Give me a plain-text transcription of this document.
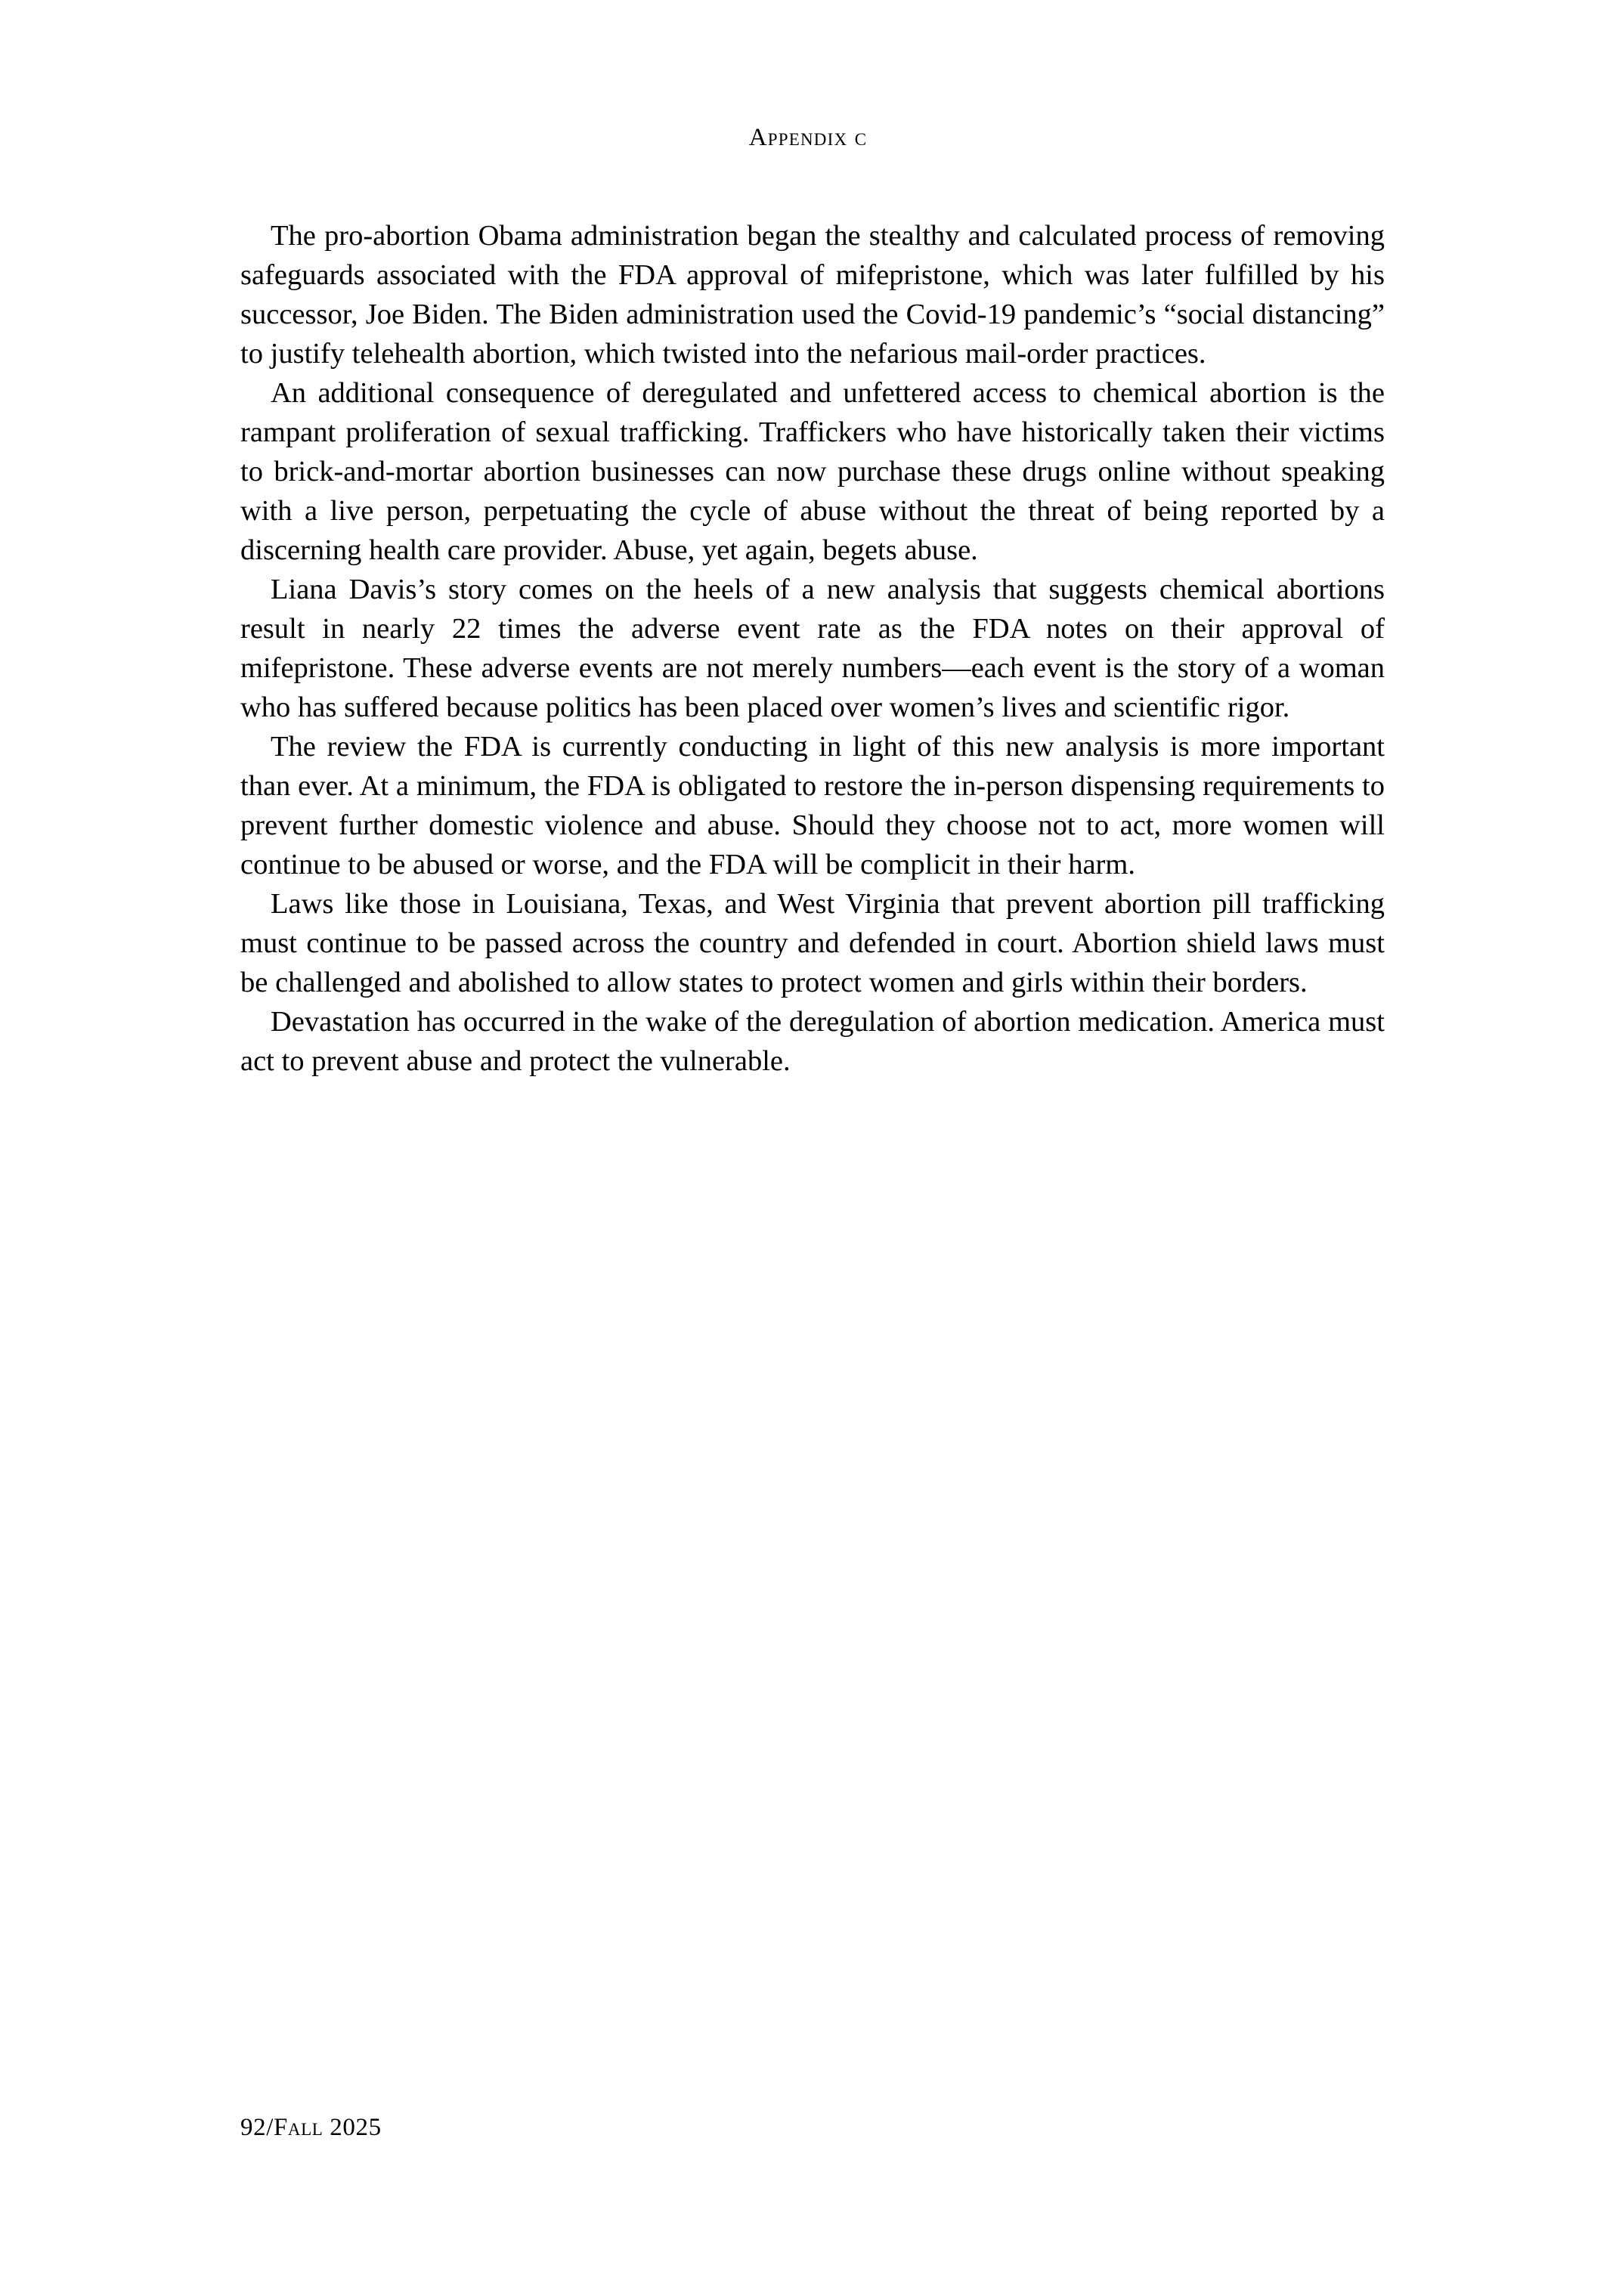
Appendix c

The pro-abortion Obama administration began the stealthy and calculated process of removing safeguards associated with the FDA approval of mifepristone, which was later fulfilled by his successor, Joe Biden. The Biden administration used the Covid-19 pandemic’s “social distancing” to justify telehealth abortion, which twisted into the nefarious mail-order practices.

An additional consequence of deregulated and unfettered access to chemical abortion is the rampant proliferation of sexual trafficking. Traffickers who have historically taken their victims to brick-and-mortar abortion businesses can now purchase these drugs online without speaking with a live person, perpetuating the cycle of abuse without the threat of being reported by a discerning health care provider. Abuse, yet again, begets abuse.

Liana Davis’s story comes on the heels of a new analysis that suggests chemical abortions result in nearly 22 times the adverse event rate as the FDA notes on their approval of mifepristone. These adverse events are not merely numbers—each event is the story of a woman who has suffered because politics has been placed over women’s lives and scientific rigor.

The review the FDA is currently conducting in light of this new analysis is more important than ever. At a minimum, the FDA is obligated to restore the in-person dispensing requirements to prevent further domestic violence and abuse. Should they choose not to act, more women will continue to be abused or worse, and the FDA will be complicit in their harm.

Laws like those in Louisiana, Texas, and West Virginia that prevent abortion pill trafficking must continue to be passed across the country and defended in court. Abortion shield laws must be challenged and abolished to allow states to protect women and girls within their borders.

Devastation has occurred in the wake of the deregulation of abortion medication. America must act to prevent abuse and protect the vulnerable.

92/Fall 2025
